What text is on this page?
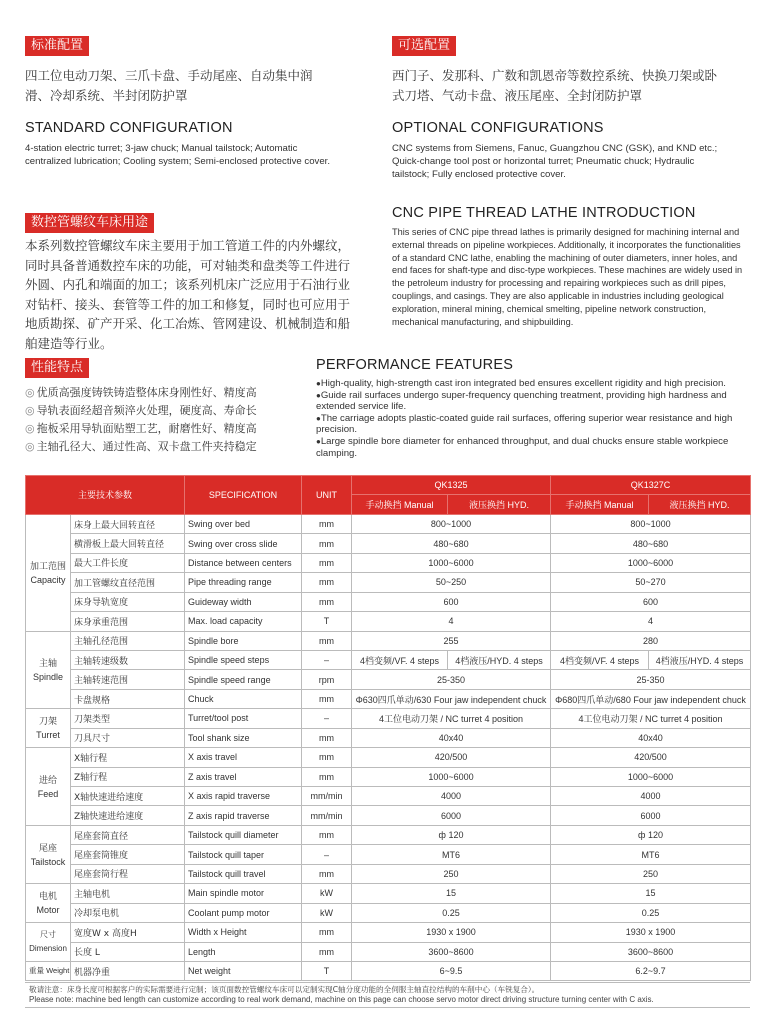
标准配置
四工位电动刀架、三爪卡盘、手动尾座、自动集中润滑、冷却系统、半封闭防护罩
STANDARD CONFIGURATION
4-station electric turret; 3-jaw chuck; Manual tailstock; Automatic centralized lubrication; Cooling system; Semi-enclosed protective cover.
可选配置
西门子、发那科、广数和凯恩帝等数控系统、快换刀架或卧式刀塔、气动卡盘、液压尾座、全封闭防护罩
OPTIONAL CONFIGURATIONS
CNC systems from Siemens, Fanuc, Guangzhou CNC (GSK), and KND etc.; Quick-change tool post or horizontal turret; Pneumatic chuck; Hydraulic tailstock; Fully enclosed protective cover.
数控管螺纹车床用途
本系列数控管螺纹车床主要用于加工管道工件的内外螺纹，同时具备普通数控车床的功能，可对轴类和盘类等工件进行外圆、内孔和端面的加工；该系列机床广泛应用于石油行业对钻杆、接头、套管等工件的加工和修复，同时也可应用于地质勘探、矿产开采、化工冶炼、管网建设、机械制造和船舶建造等行业。
CNC PIPE THREAD LATHE INTRODUCTION
This series of CNC pipe thread lathes is primarily designed for machining internal and external threads on pipeline workpieces. Additionally, it incorporates the functionalities of a standard CNC lathe, enabling the machining of outer diameters, inner holes, and end faces for shaft-type and disc-type workpieces. These machines are widely used in the petroleum industry for processing and repairing workpieces such as drill pipes, couplings, and casings. They are also applicable in industries including geological exploration, mineral mining, chemical smelting, pipeline network construction, mechanical manufacturing, and shipbuilding.
性能特点
◎ 优质高强度铸铁铸造整体床身刚性好、精度高
◎ 导轨表面经超音频淬火处理，硬度高、寿命长
◎ 拖板采用导轨面贴塑工艺，耐磨性好、精度高
◎ 主轴孔径大、通过性高、双卡盘工件夹持稳定
PERFORMANCE FEATURES
● High-quality, high-strength cast iron integrated bed ensures excellent rigidity and high precision.
● Guide rail surfaces undergo super-frequency quenching treatment, providing high hardness and extended service life.
● The carriage adopts plastic-coated guide rail surfaces, offering superior wear resistance and high precision.
● Large spindle bore diameter for enhanced throughput, and dual chucks ensure stable workpiece clamping.
主要技术参数		SPECIFICATION	UNIT	QK1325		QK1327C	
				手动换挡 Manual	液压换挡 HYD.	手动换挡 Manual	液压换挡 HYD.
加工范围 Capacity	床身上最大回转直径	Swing over bed	mm	800~1000		800~1000	
	横滑板上最大回转直径	Swing over cross slide	mm	480~680		480~680	
	最大工件长度	Distance between centers	mm	1000~6000		1000~6000	
	加工管螺纹直径范围	Pipe threading range	mm	50~250		50~270	
	床身导轨宽度	Guideway width	mm	600		600	
	床身承重范围	Max. load capacity	T	4		4	
主轴 Spindle	主轴孔径范围	Spindle bore	mm	255		280	
	主轴转速级数	Spindle speed steps	–	4档变频/VF. 4 steps	4档液压/HYD. 4 steps	4档变频/VF. 4 steps	4档液压/HYD. 4 steps
	主轴转速范围	Spindle speed range	rpm	25-350		25-350	
	卡盘规格	Chuck	mm	Φ630四爪单动/630 Four jaw independent chuck		Φ680四爪单动/680 Four jaw independent chuck	
刀架 Turret	刀架类型	Turret/tool post	–	4工位电动刀架 / NC turret 4 position		4工位电动刀架 / NC turret 4 position	
	刀具尺寸	Tool shank size	mm	40x40		40x40	
进给 Feed	X轴行程	X axis travel	mm	420/500		420/500	
	Z轴行程	Z axis travel	mm	1000~6000		1000~6000	
	X轴快速进给速度	X axis rapid traverse	mm/min	4000		4000	
	Z轴快速进给速度	Z axis rapid traverse	mm/min	6000		6000	
尾座 Tailstock	尾座套筒直径	Tailstock quill diameter	mm	ф 120		ф 120	
	尾座套筒锥度	Tailstock quill taper	–	MT6		MT6	
	尾座套筒行程	Tailstock quill travel	mm	250		250	
电机 Motor	主轴电机	Main spindle motor	kW	15		15	
	冷却泵电机	Coolant pump motor	kW	0.25		0.25	
尺寸 Dimension	宽度W x 高度H	Width x Height	mm	1930 x 1900		1930 x 1900	
	长度 L	Length	mm	3600~8600		3600~8600	
重量 Weight	机器净重	Net weight	T	6~9.5		6.2~9.7	
敬请注意：床身长度可根据客户的实际需要进行定制；该页面数控管螺纹车床可以定制实现C轴分度功能的全伺服主轴直拉结构的车削中心（车铣复合）。
Please note: machine bed length can customize according to real work demand, machine on this page can choose servo motor direct driving structure turning center with C axis.
